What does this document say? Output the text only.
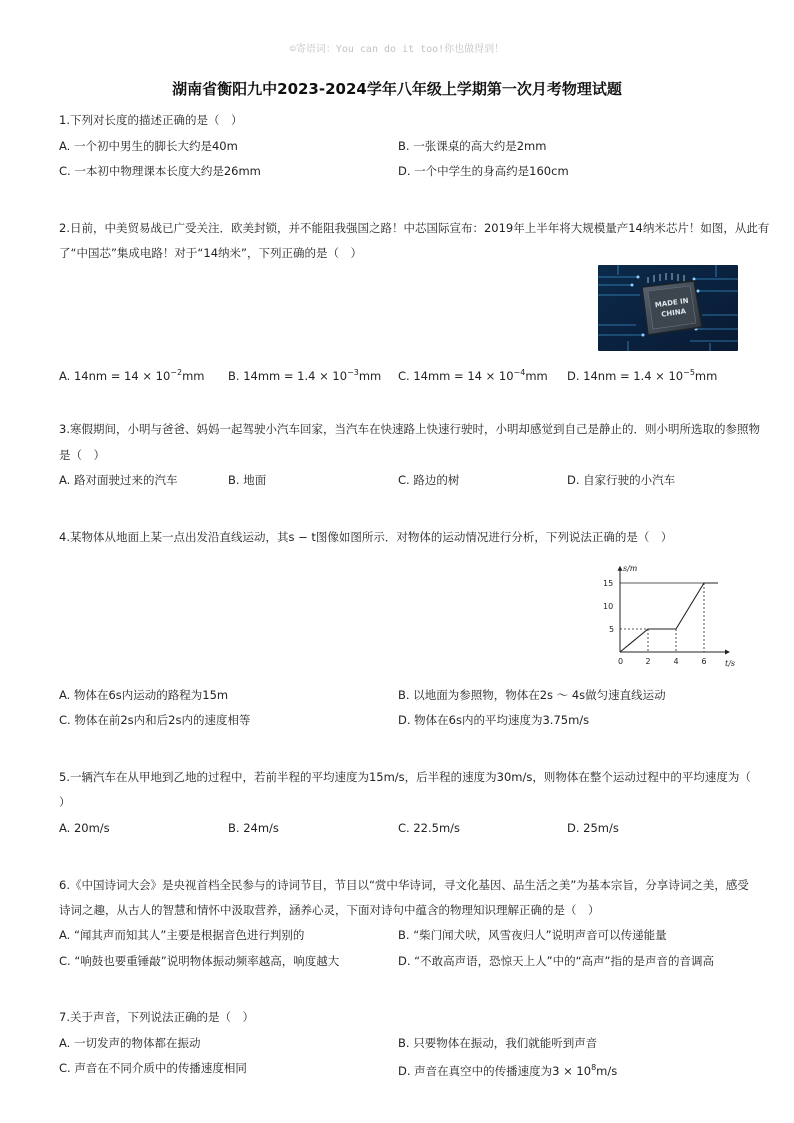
☺寄语词：You can do it too!你也做得到！
湖南省衡阳九中2023-2024学年八年级上学期第一次月考物理试题
1.下列对长度的描述正确的是（　）
A. 一个初中男生的脚长大约是40m	B. 一张课桌的高大约是2mm
C. 一本初中物理课本长度大约是26mm	D. 一个中学生的身高约是160cm
2.日前，中美贸易战已广受关注．欧美封锁，并不能阻我强国之路！中芯国际宣布：2019年上半年将大规模量产14纳米芯片！如图，从此有
了“中国芯”集成电路！对于“14纳米”，下列正确的是（　）
MADE IN
CHINA
A. $14nm = 14 \times 10^{-2}mm$ B. $14mm = 1.4 \times 10^{-3}mm$ C. $14mm = 14 \times 10^{-4}mm$ D. $14nm = 1.4 \times 10^{-5}mm$
3.寒假期间，小明与爸爸、妈妈一起驾驶小汽车回家，当汽车在快速路上快速行驶时，小明却感觉到自己是静止的．则小明所选取的参照物
是（　）
A. 路对面驶过来的汽车	B. 地面	C. 路边的树	D. 自家行驶的小汽车
4.某物体从地面上某一点出发沿直线运动，其s − t图像如图所示．对物体的运动情况进行分析，下列说法正确的是（　）
s/m
t/s
0	2	4	6
5
10
15
A. 物体在6s内运动的路程为15m	B. 以地面为参照物，物体在2s ～ 4s做匀速直线运动
C. 物体在前2s内和后2s内的速度相等	D. 物体在6s内的平均速度为3.75m/s
5.一辆汽车在从甲地到乙地的过程中，若前半程的平均速度为15m/s，后半程的速度为30m/s，则物体在整个运动过程中的平均速度为（
）
A. 20m/s	B. 24m/s	C. 22.5m/s	D. 25m/s
6.《中国诗词大会》是央视首档全民参与的诗词节目，节目以“赏中华诗词，寻文化基因、品生活之美”为基本宗旨，分享诗词之美，感受
诗词之趣，从古人的智慧和情怀中汲取营养，涵养心灵，下面对诗句中蕴含的物理知识理解正确的是（　）
A. “闻其声而知其人”主要是根据音色进行判别的	B. “柴门闻犬吠，风雪夜归人”说明声音可以传递能量
C. “响鼓也要重锤敲”说明物体振动频率越高，响度越大	D. “不敢高声语，恐惊天上人”中的“高声”指的是声音的音调高
7.关于声音，下列说法正确的是（　）
A. 一切发声的物体都在振动	B. 只要物体在振动，我们就能听到声音
C. 声音在不同介质中的传播速度相同	D. 声音在真空中的传播速度为$3 \times 10^8m/s$
